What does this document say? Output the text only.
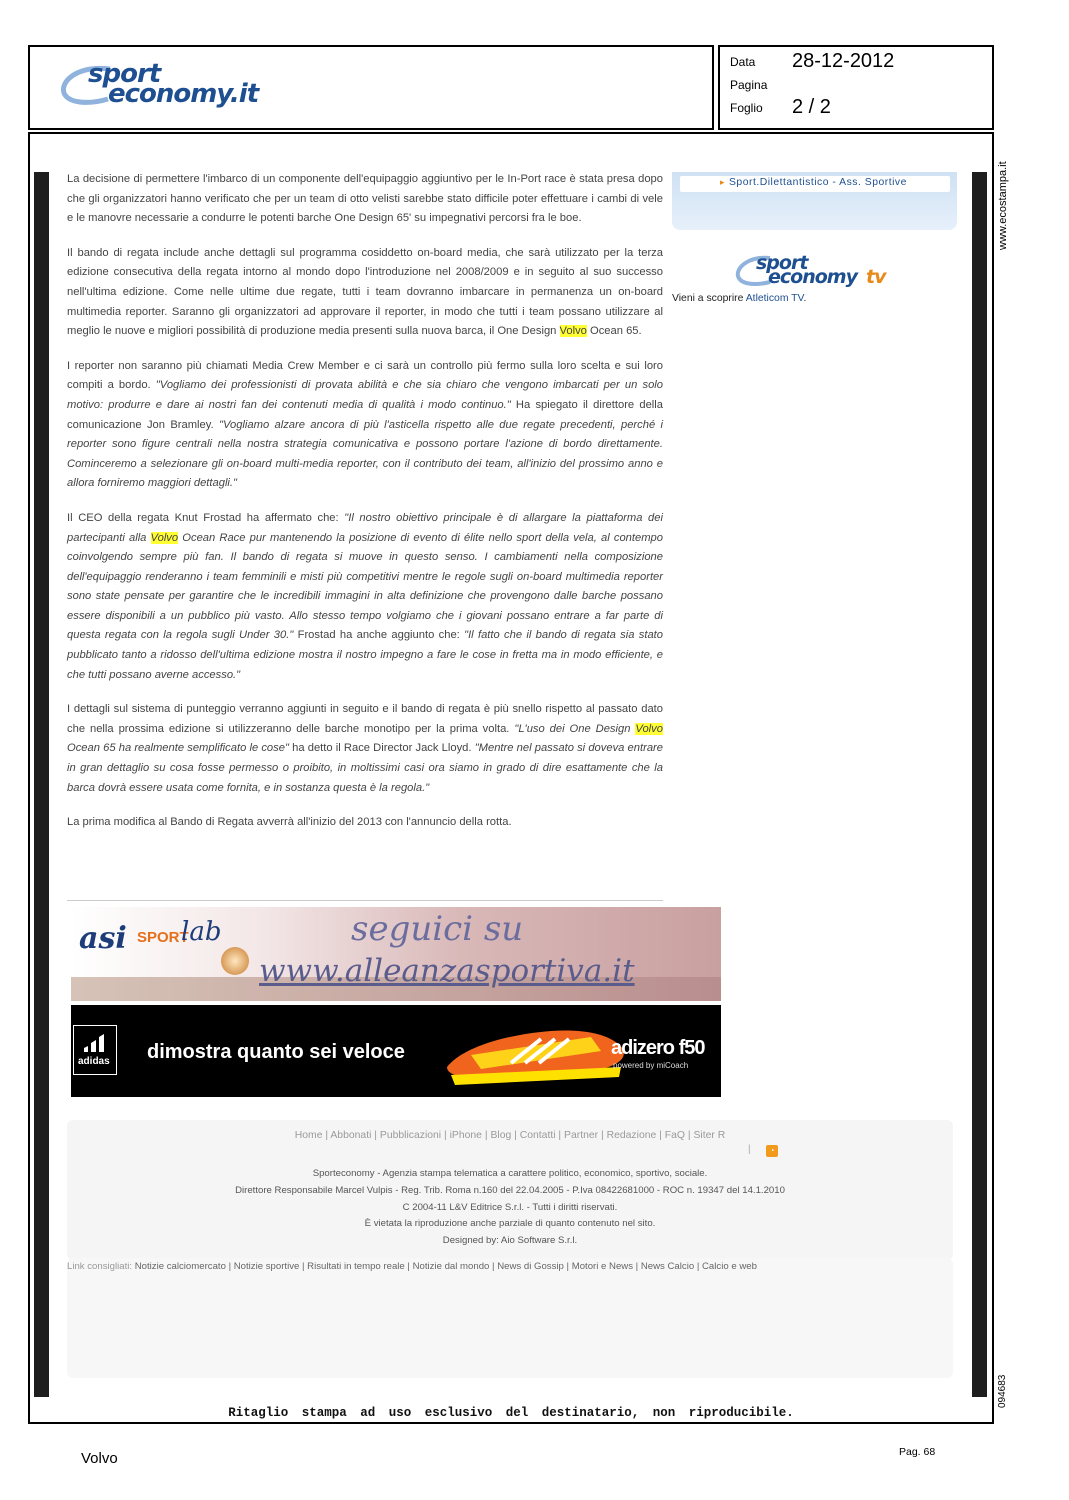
sport
economy.it
Data 28-12-2012
Pagina
Foglio 2 / 2

La decisione di permettere l'imbarco di un componente dell'equipaggio aggiuntivo per le In-Port race è stata presa dopo che gli organizzatori hanno verificato che per un team di otto velisti sarebbe stato difficile poter effettuare i cambi di vele e le manovre necessarie a condurre le potenti barche One Design 65' su impegnativi percorsi fra le boe.

Il bando di regata include anche dettagli sul programma cosiddetto on-board media, che sarà utilizzato per la terza edizione consecutiva della regata intorno al mondo dopo l'introduzione nel 2008/2009 e in seguito al suo successo nell'ultima edizione. Come nelle ultime due regate, tutti i team dovranno imbarcare in permanenza un on-board multimedia reporter. Saranno gli organizzatori ad approvare il reporter, in modo che tutti i team possano utilizzare al meglio le nuove e migliori possibilità di produzione media presenti sulla nuova barca, il One Design Volvo Ocean 65.

I reporter non saranno più chiamati Media Crew Member e ci sarà un controllo più fermo sulla loro scelta e sui loro compiti a bordo. "Vogliamo dei professionisti di provata abilità e che sia chiaro che vengono imbarcati per un solo motivo: produrre e dare ai nostri fan dei contenuti media di qualità i modo continuo." Ha spiegato il direttore della comunicazione Jon Bramley. "Vogliamo alzare ancora di più l'asticella rispetto alle due regate precedenti, perché i reporter sono figure centrali nella nostra strategia comunicativa e possono portare l'azione di bordo direttamente. Cominceremo a selezionare gli on-board multi-media reporter, con il contributo dei team, all'inizio del prossimo anno e allora forniremo maggiori dettagli."

Il CEO della regata Knut Frostad ha affermato che: "Il nostro obiettivo principale è di allargare la piattaforma dei partecipanti alla Volvo Ocean Race pur mantenendo la posizione di evento di élite nello sport della vela, al contempo coinvolgendo sempre più fan. Il bando di regata si muove in questo senso. I cambiamenti nella composizione dell'equipaggio renderanno i team femminili e misti più competitivi mentre le regole sugli on-board multimedia reporter sono state pensate per garantire che le incredibili immagini in alta definizione che provengono dalle barche possano essere disponibili a un pubblico più vasto. Allo stesso tempo volgiamo che i giovani possano entrare a far parte di questa regata con la regola sugli Under 30." Frostad ha anche aggiunto che: "Il fatto che il bando di regata sia stato pubblicato tanto a ridosso dell'ultima edizione mostra il nostro impegno a fare le cose in fretta ma in modo efficiente, e che tutti possano averne accesso."

I dettagli sul sistema di punteggio verranno aggiunti in seguito e il bando di regata è più snello rispetto al passato dato che nella prossima edizione si utilizzeranno delle barche monotipo per la prima volta. "L'uso dei One Design Volvo Ocean 65 ha realmente semplificato le cose" ha detto il Race Director Jack Lloyd. "Mentre nel passato si doveva entrare in gran dettaglio su cosa fosse permesso o proibito, in moltissimi casi ora siamo in grado di dire esattamente che la barca dovrà essere usata come fornita, e in sostanza questa è la regola."

La prima modifica al Bando di Regata avverrà all'inizio del 2013 con l'annuncio della rotta.

▸ Sport.Dilettantistico - Ass. Sportive
sport
economy tv
Vieni a scoprire Atleticom TV.
asi SPORT
lab	seguici su
www.alleanzasportiva.it
adidas dimostra quanto sei veloce	adizero f50
powered by miCoach
Home | Abbonati | Pubblicazioni | iPhone | Blog | Contatti | Partner | Redazione | FaQ | Siter R
|	◔
Sporteconomy - Agenzia stampa telematica a carattere politico, economico, sportivo, sociale.
Direttore Responsabile Marcel Vulpis - Reg. Trib. Roma n.160 del 22.04.2005 - P.Iva 08422681000 - ROC n. 19347 del 14.1.2010
C 2004-11 L&V Editrice S.r.l. - Tutti i diritti riservati.
È vietata la riproduzione anche parziale di quanto contenuto nel sito.
Designed by: Aio Software S.r.l.
Link consigliati: Notizie calciomercato | Notizie sportive | Risultati in tempo reale | Notizie dal mondo | News di Gossip | Motori e News | News Calcio | Calcio e web
www.ecostampa.it
094683
Ritaglio stampa ad uso esclusivo del destinatario, non riproducibile.
Volvo	Pag. 68
